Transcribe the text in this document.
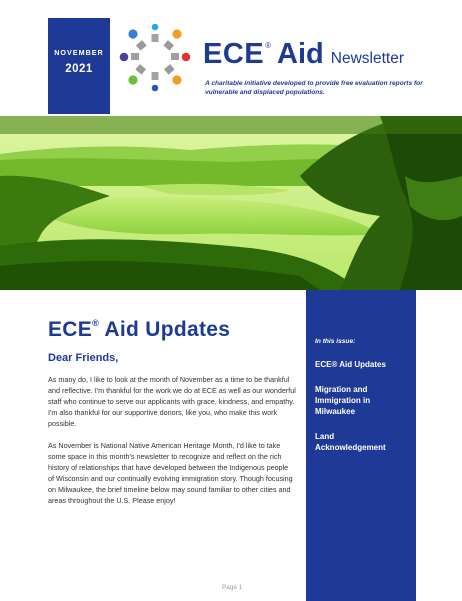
NOVEMBER
2021	ECE ® Aid Newsletter
A charitable initiative developed to provide free evaluation reports for vulnerable and displaced populations.
In this issue:
ECE® Aid Updates
Migration and Immigration in Milwaukee
Land Acknowledgement
ECE® Aid Updates
Dear Friends,
As many do, I like to look at the month of November as a time to be thankful and reflective. I'm thankful for the work we do at ECE as well as our wonderful staff who continue to serve our applicants with grace, kindness, and empathy. I'm also thankful for our supportive donors, like you, who make this work possible.
As November is National Native American Heritage Month, I'd like to take some space in this month's newsletter to recognize and reflect on the rich history of relationships that have developed between the Indigenous people of Wisconsin and our continually evolving immigration story. Though focusing on Milwaukee, the brief timeline below may sound familiar to other cities and areas throughout the U.S. Please enjoy!
Page 1
